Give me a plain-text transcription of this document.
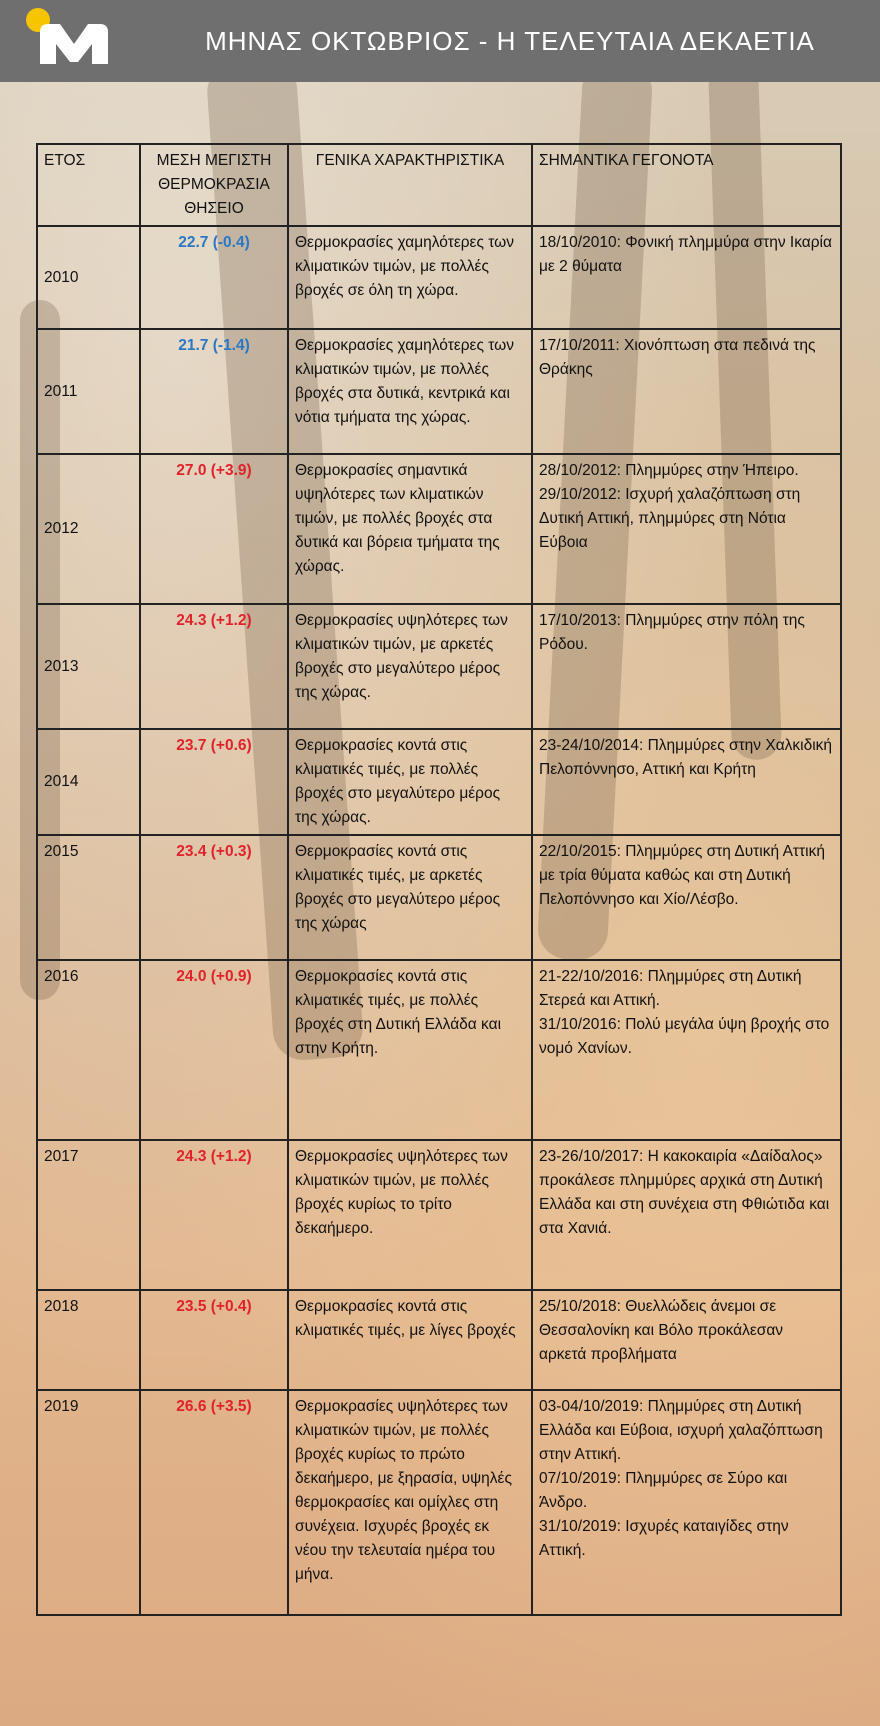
ΜΗΝΑΣ ΟΚΤΩΒΡΙΟΣ - Η ΤΕΛΕΥΤΑΙΑ ΔΕΚΑΕΤΙΑ
ΕΤΟΣ	ΜΕΣΗ ΜΕΓΙΣΤΗ ΘΕΡΜΟΚΡΑΣΙΑ ΘΗΣΕΙΟ	ΓΕΝΙΚΑ ΧΑΡΑΚΤΗΡΙΣΤΙΚΑ	ΣΗΜΑΝΤΙΚΑ ΓΕΓΟΝΟΤΑ
2010	22.7 (-0.4)	Θερμοκρασίες χαμηλότερες των κλιματικών τιμών, με πολλές βροχές σε όλη τη χώρα.	18/10/2010: Φονική πλημμύρα στην Ικαρία με 2 θύματα

2011	21.7 (-1.4)	Θερμοκρασίες χαμηλότερες των κλιματικών τιμών, με πολλές βροχές στα δυτικά, κεντρικά και νότια τμήματα της χώρας.	17/10/2011: Χιονόπτωση στα πεδινά της Θράκης

2012	27.0 (+3.9)	Θερμοκρασίες σημαντικά υψηλότερες των κλιματικών τιμών, με πολλές βροχές στα δυτικά και βόρεια τμήματα της χώρας.	28/10/2012: Πλημμύρες στην Ήπειρο.
29/10/2012: Ισχυρή χαλαζόπτωση στη Δυτική Αττική, πλημμύρες στη Νότια Εύβοια

2013	24.3 (+1.2)	Θερμοκρασίες υψηλότερες των κλιματικών τιμών, με αρκετές βροχές στο μεγαλύτερο μέρος της χώρας.	17/10/2013: Πλημμύρες στην πόλη της Ρόδου.

2014	23.7 (+0.6)	Θερμοκρασίες κοντά στις κλιματικές τιμές, με πολλές βροχές στο μεγαλύτερο μέρος της χώρας.	23-24/10/2014: Πλημμύρες στην Χαλκιδική Πελοπόννησο, Αττική και Κρήτη

2015	23.4 (+0.3)	Θερμοκρασίες κοντά στις κλιματικές τιμές, με αρκετές βροχές στο μεγαλύτερο μέρος της χώρας	22/10/2015: Πλημμύρες στη Δυτική Αττική με τρία θύματα καθώς και στη Δυτική Πελοπόννησο και Χίο/Λέσβο.

2016	24.0 (+0.9)	Θερμοκρασίες κοντά στις κλιματικές τιμές, με πολλές βροχές στη Δυτική Ελλάδα και στην Κρήτη.	21-22/10/2016: Πλημμύρες στη Δυτική Στερεά και Αττική.
31/10/2016: Πολύ μεγάλα ύψη βροχής στο νομό Χανίων.

2017	24.3 (+1.2)	Θερμοκρασίες υψηλότερες των κλιματικών τιμών, με πολλές βροχές κυρίως το τρίτο δεκαήμερο.	23-26/10/2017: Η κακοκαιρία «Δαίδαλος» προκάλεσε πλημμύρες αρχικά στη Δυτική Ελλάδα και στη συνέχεια στη Φθιώτιδα και στα Χανιά.

2018	23.5 (+0.4)	Θερμοκρασίες κοντά στις κλιματικές τιμές, με λίγες βροχές	25/10/2018: Θυελλώδεις άνεμοι σε Θεσσαλονίκη και Βόλο προκάλεσαν αρκετά προβλήματα

2019	26.6 (+3.5)	Θερμοκρασίες υψηλότερες των κλιματικών τιμών, με πολλές βροχές κυρίως το πρώτο δεκαήμερο, με ξηρασία, υψηλές θερμοκρασίες και ομίχλες στη συνέχεια. Ισχυρές βροχές εκ νέου την τελευταία ημέρα του μήνα.	03-04/10/2019: Πλημμύρες στη Δυτική Ελλάδα και Εύβοια, ισχυρή χαλαζόπτωση στην Αττική.
07/10/2019: Πλημμύρες σε Σύρο και Άνδρο.
31/10/2019: Ισχυρές καταιγίδες στην Αττική.
